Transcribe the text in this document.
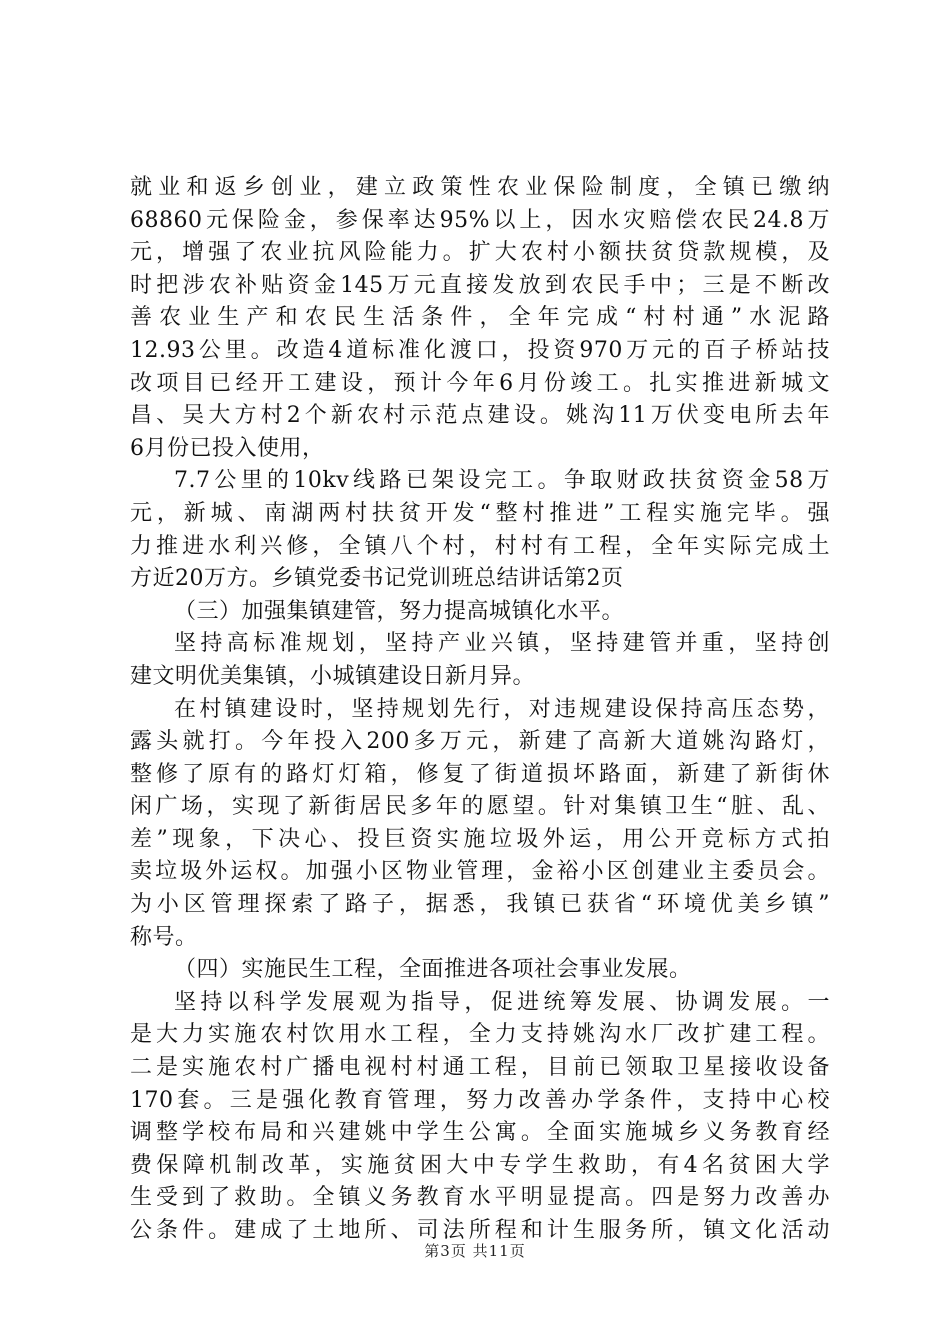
就业和返乡创业，建立政策性农业保险制度，全镇已缴纳
68860元保险金，参保率达95%以上，因水灾赔偿农民24.8万
元，增强了农业抗风险能力。扩大农村小额扶贫贷款规模，及
时把涉农补贴资金145万元直接发放到农民手中；三是不断改
善农业生产和农民生活条件，全年完成“村村通”水泥路
12.93公里。改造4道标准化渡口，投资970万元的百子桥站技
改项目已经开工建设，预计今年6月份竣工。扎实推进新城文
昌、吴大方村2个新农村示范点建设。姚沟11万伏变电所去年
6月份已投入使用，
7.7公里的10kv线路已架设完工。争取财政扶贫资金58万
元，新城、南湖两村扶贫开发“整村推进”工程实施完毕。强
力推进水利兴修，全镇八个村，村村有工程，全年实际完成土
方近20万方。乡镇党委书记党训班总结讲话第2页
（三）加强集镇建管，努力提高城镇化水平。
坚持高标准规划，坚持产业兴镇，坚持建管并重，坚持创
建文明优美集镇，小城镇建设日新月异。
在村镇建设时，坚持规划先行，对违规建设保持高压态势，
露头就打。今年投入200多万元，新建了高新大道姚沟路灯，
整修了原有的路灯灯箱，修复了街道损坏路面，新建了新街休
闲广场，实现了新街居民多年的愿望。针对集镇卫生“脏、乱、
差”现象，下决心、投巨资实施垃圾外运，用公开竞标方式拍
卖垃圾外运权。加强小区物业管理，金裕小区创建业主委员会。
为小区管理探索了路子，据悉，我镇已获省“环境优美乡镇”
称号。
（四）实施民生工程，全面推进各项社会事业发展。
坚持以科学发展观为指导，促进统筹发展、协调发展。一
是大力实施农村饮用水工程，全力支持姚沟水厂改扩建工程。
二是实施农村广播电视村村通工程，目前已领取卫星接收设备
170套。三是强化教育管理，努力改善办学条件，支持中心校
调整学校布局和兴建姚中学生公寓。全面实施城乡义务教育经
费保障机制改革，实施贫困大中专学生救助，有4名贫困大学
生受到了救助。全镇义务教育水平明显提高。四是努力改善办
公条件。建成了土地所、司法所程和计生服务所，镇文化活动
第3页 共11页
